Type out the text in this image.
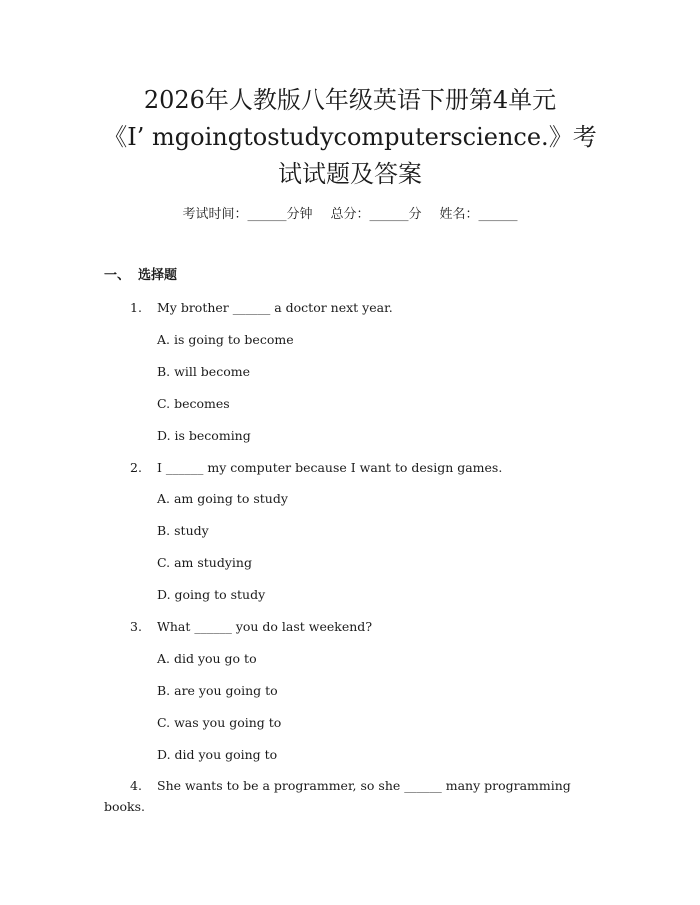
2026年人教版八年级英语下册第4单元
《I’ mgoingtostudycomputerscience.》考
试试题及答案
考试时间：______分钟 总分：______分 姓名：______
一、 选择题
1. My brother ______ a doctor next year.
A. is going to become
B. will become
C. becomes
D. is becoming
2. I ______ my computer because I want to design games.
A. am going to study
B. study
C. am studying
D. going to study
3. What ______ you do last weekend?
A. did you go to
B. are you going to
C. was you going to
D. did you going to
4. She wants to be a programmer, so she ______ many programming
books.
